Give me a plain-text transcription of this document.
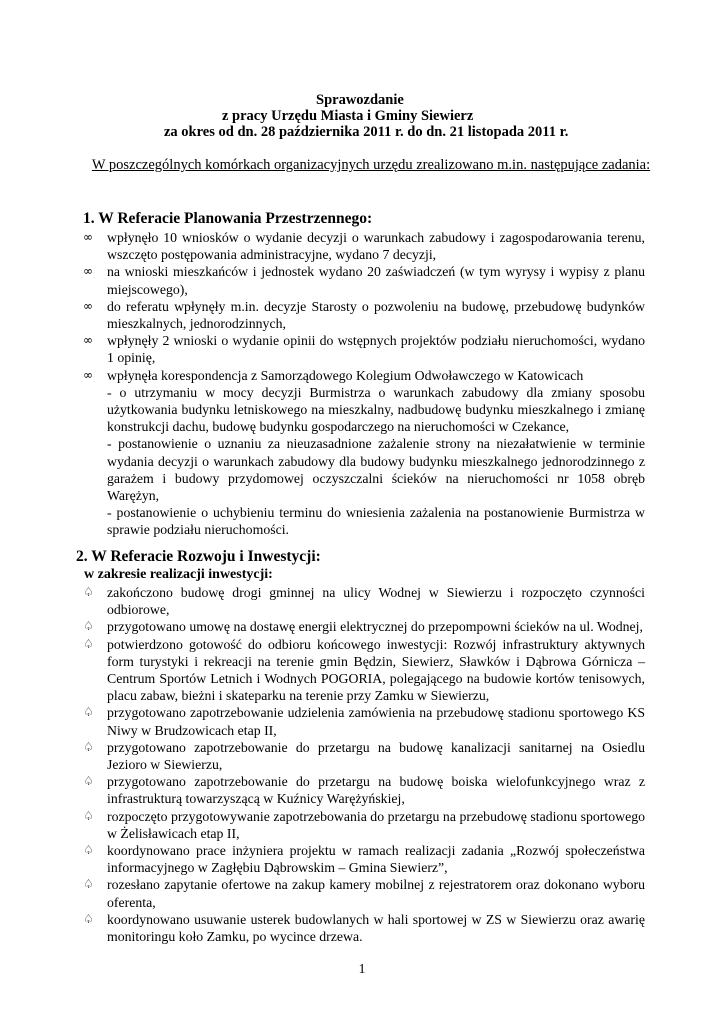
Sprawozdanie
z pracy Urzędu Miasta i Gminy Siewierz
za okres od dn. 28 października 2011 r. do dn. 21 listopada 2011 r.
W poszczególnych komórkach organizacyjnych urzędu zrealizowano m.in. następujące zadania:
1. W Referacie Planowania Przestrzennego:
∞ wpłynęło 10 wniosków o wydanie decyzji o warunkach zabudowy i zagospodarowania terenu, wszczęto postępowania administracyjne, wydano 7 decyzji,
∞ na wnioski mieszkańców i jednostek wydano 20 zaświadczeń (w tym wyrysy i wypisy z planu miejscowego),
∞ do referatu wpłynęły m.in. decyzje Starosty o pozwoleniu na budowę, przebudowę budynków mieszkalnych, jednorodzinnych,
∞ wpłynęły 2 wnioski o wydanie opinii do wstępnych projektów podziału nieruchomości, wydano 1 opinię,
∞ wpłynęła korespondencja z Samorządowego Kolegium Odwoławczego w Katowicach
- o utrzymaniu w mocy decyzji Burmistrza o warunkach zabudowy dla zmiany sposobu użytkowania budynku letniskowego na mieszkalny, nadbudowę budynku mieszkalnego i zmianę konstrukcji dachu, budowę budynku gospodarczego na nieruchomości w Czekance,
- postanowienie o uznaniu za nieuzasadnione zażalenie strony na niezałatwienie w terminie wydania decyzji o warunkach zabudowy dla budowy budynku mieszkalnego jednorodzinnego z garażem i budowy przydomowej oczyszczalni ścieków na nieruchomości nr 1058 obręb Warężyn,
- postanowienie o uchybieniu terminu do wniesienia zażalenia na postanowienie Burmistrza w sprawie podziału nieruchomości.
2. W Referacie Rozwoju i Inwestycji:
w zakresie realizacji inwestycji:
♤ zakończono budowę drogi gminnej na ulicy Wodnej w Siewierzu i rozpoczęto czynności odbiorowe,
♤ przygotowano umowę na dostawę energii elektrycznej do przepompowni ścieków na ul. Wodnej,
♤ potwierdzono gotowość do odbioru końcowego inwestycji: Rozwój infrastruktury aktywnych form turystyki i rekreacji na terenie gmin Będzin, Siewierz, Sławków i Dąbrowa Górnicza – Centrum Sportów Letnich i Wodnych POGORIA, polegającego na budowie kortów tenisowych, placu zabaw, bieżni i skateparku na terenie przy Zamku w Siewierzu,
♤ przygotowano zapotrzebowanie udzielenia zamówienia na przebudowę stadionu sportowego KS Niwy w Brudzowicach etap II,
♤ przygotowano zapotrzebowanie do przetargu na budowę kanalizacji sanitarnej na Osiedlu Jezioro w Siewierzu,
♤ przygotowano zapotrzebowanie do przetargu na budowę boiska wielofunkcyjnego wraz z infrastrukturą towarzyszącą w Kuźnicy Warężyńskiej,
♤ rozpoczęto przygotowywanie zapotrzebowania do przetargu na przebudowę stadionu sportowego w Żelisławicach etap II,
♤ koordynowano prace inżyniera projektu w ramach realizacji zadania „Rozwój społeczeństwa informacyjnego w Zagłębiu Dąbrowskim – Gmina Siewierz”,
♤ rozesłano zapytanie ofertowe na zakup kamery mobilnej z rejestratorem oraz dokonano wyboru oferenta,
♤ koordynowano usuwanie usterek budowlanych w hali sportowej w ZS w Siewierzu oraz awarię monitoringu koło Zamku, po wycince drzewa.
1
